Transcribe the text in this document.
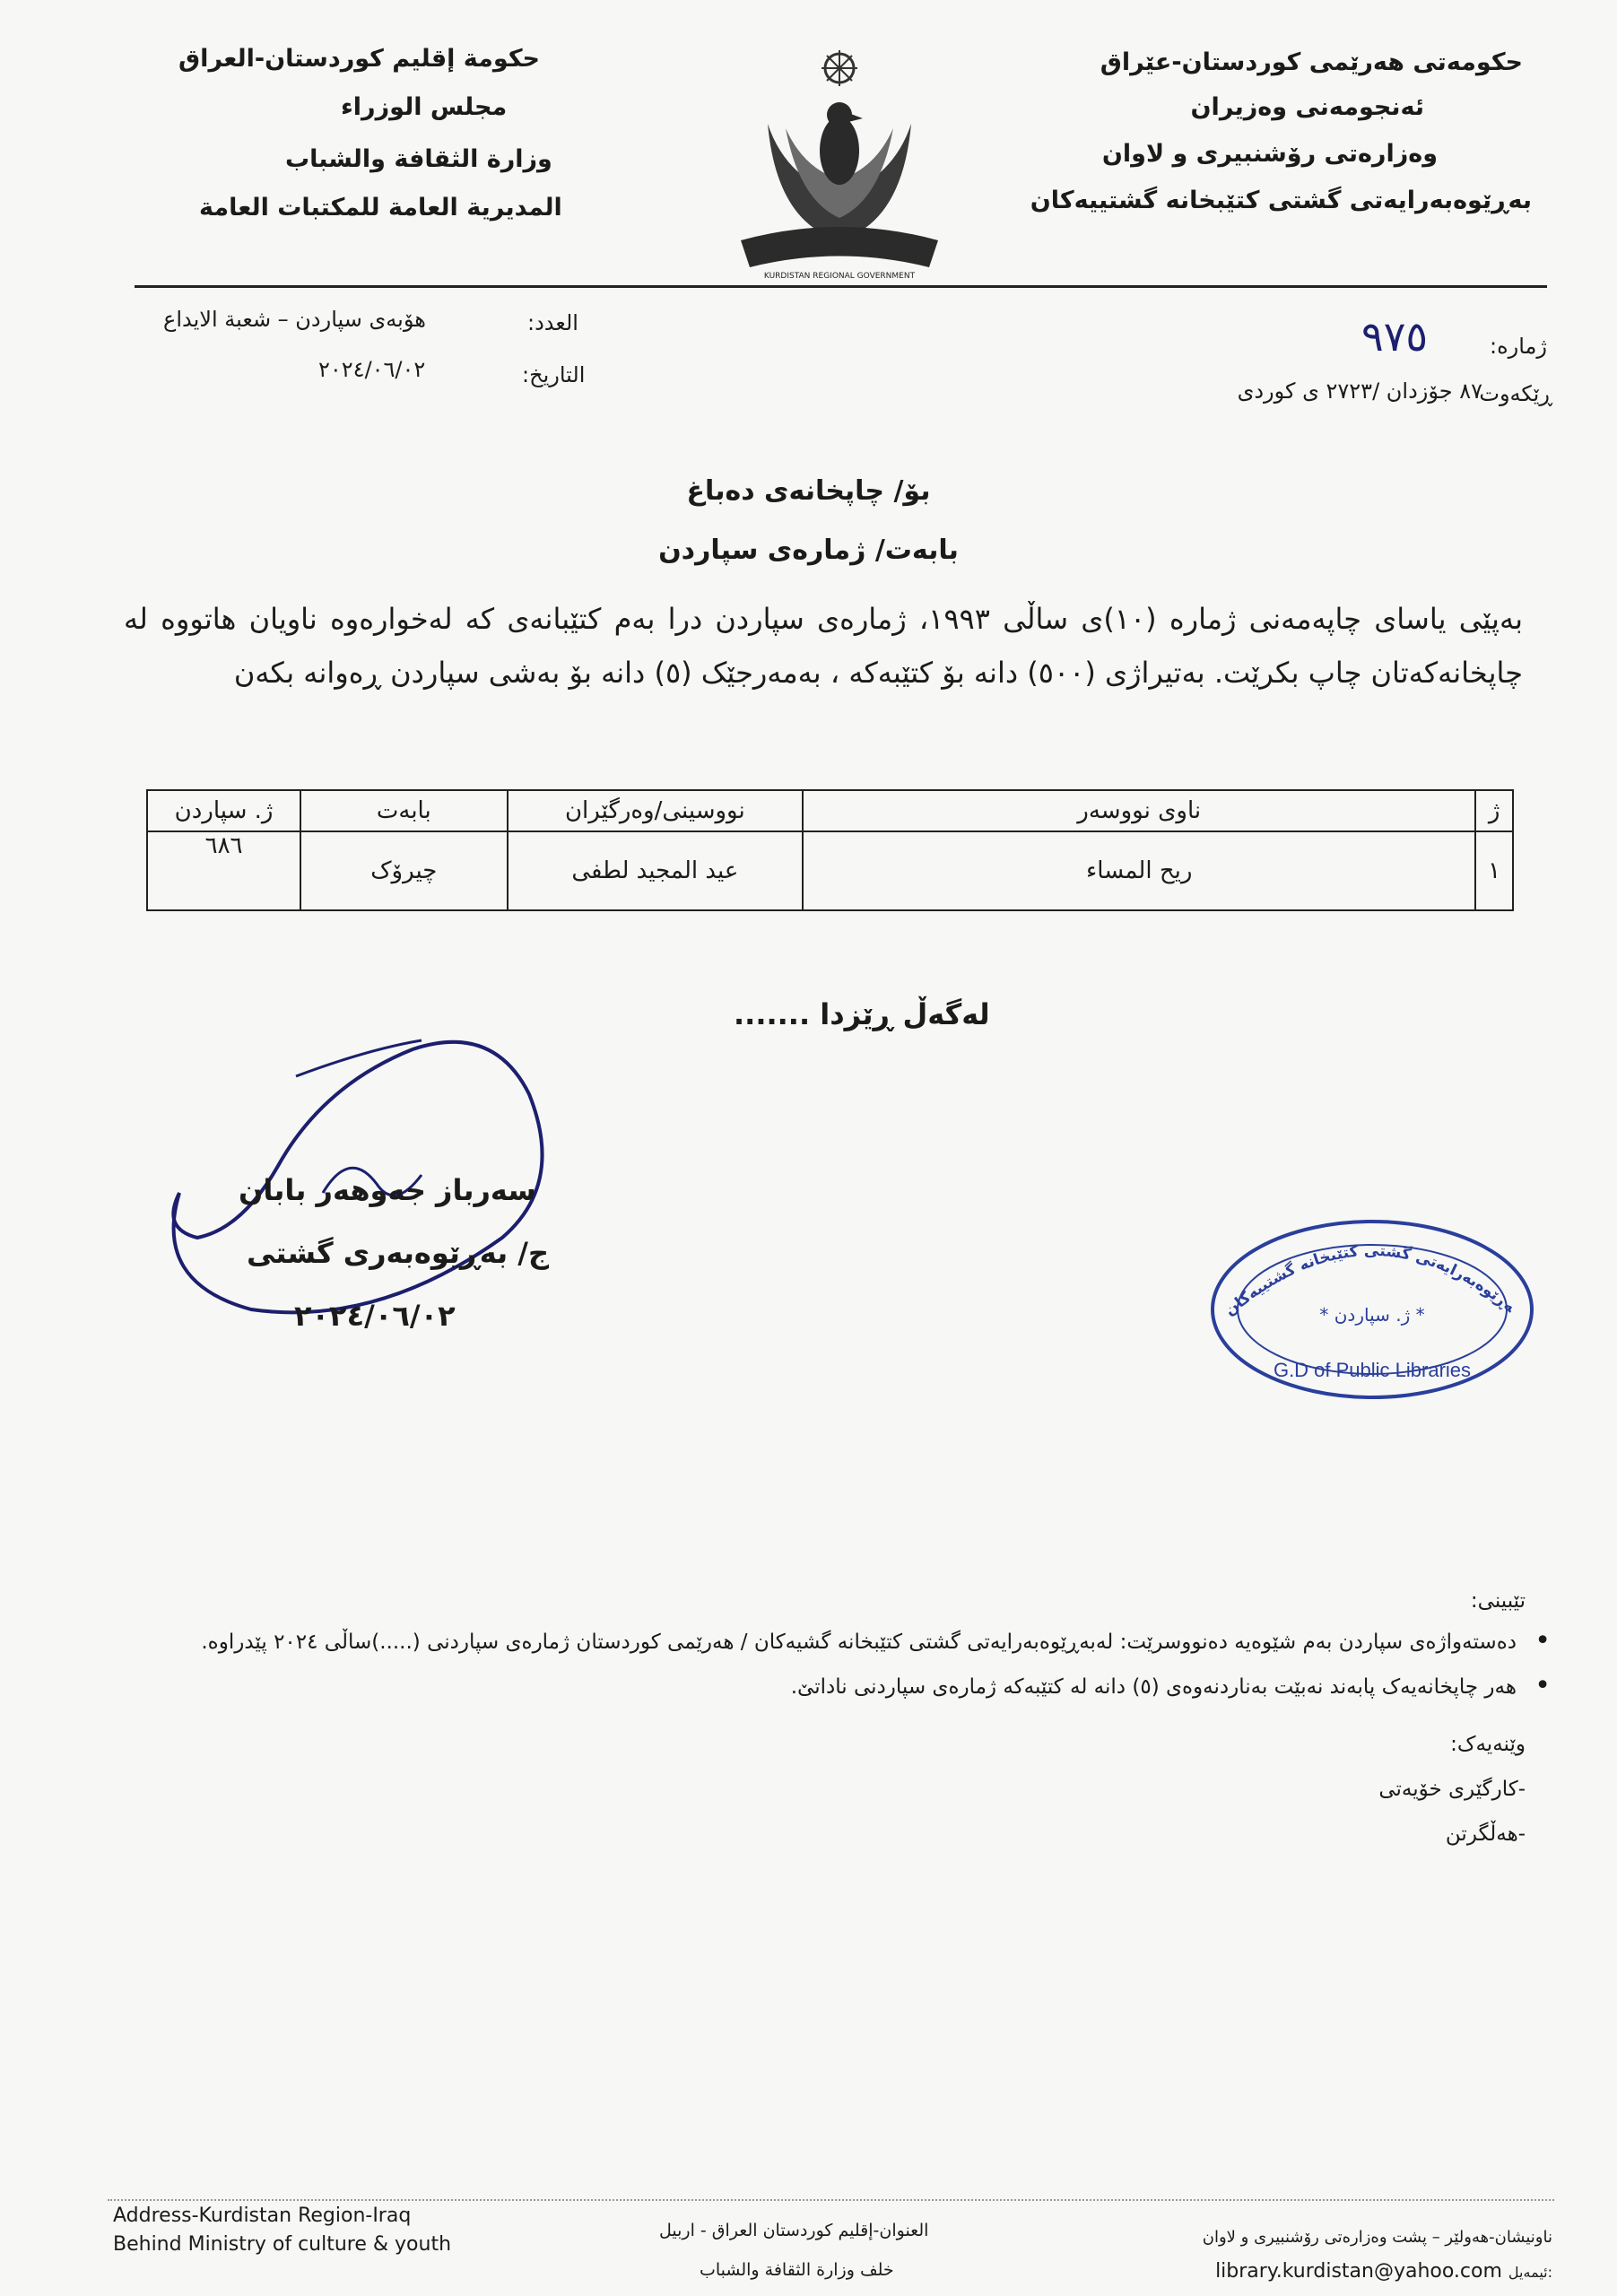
حکومەتی هەرێمی کوردستان-عێراق
ئەنجومەنی وەزیران
وەزارەتی رۆشنبیری و لاوان
بەڕێوەبەرایەتی گشتی کتێبخانە گشتییەکان
حكومة إقليم كوردستان-العراق
مجلس الوزراء
وزارة الثقافة والشباب
المديرية العامة للمكتبات العامة
KURDISTAN REGIONAL GOVERNMENT
ژمارە:
٩٧٥
ڕێکەوت
٨٧ جۆزدان /٢٧٢٣ ی کوردی
العدد:
هۆبەی سپاردن – شعبة الايداع
التاريخ:
٢٠٢٤/٠٦/٠٢
بۆ/ چاپخانەی دەباغ
بابەت/ ژمارەی سپاردن
بەپێی یاسای چاپەمەنی ژمارە (١٠)ی ساڵی ١٩٩٣، ژمارەی سپاردن درا بەم کتێبانەی کە لەخوارەوە ناویان هاتووە لە چاپخانەکەتان چاپ بکرێت. بەتیراژی (٥٠٠) دانە بۆ کتێبەکە ، بەمەرجێک (٥) دانە بۆ بەشی سپاردن ڕەوانە بکەن
ژ	ناوی نووسەر	نووسینی/وەرگێران	بابەت	ژ. سپاردن
١	ريح المساء	عيد المجيد لطفی	چیرۆک	٦٨٦
لەگەڵ ڕێزدا .......
سەرباز جەوهەر بابان
ج/ بەڕێوەبەری گشتی
٢٠٢٤/٠٦/٠٢	ەڕێوەبەرایەتی گشتی کتێبخانە گشتییەکان
* ژ. سپاردن *
G.D of Public Libraries
تێبینی:
•
دەستەواژەی سپاردن بەم شێوەیە دەنووسرێت: لەبەڕێوەبەرایەتی گشتی کتێبخانە گشیەکان / هەرێمی کوردستان ژمارەی سپاردنی (.....)ساڵی ٢٠٢٤ پێدراوە.
•
هەر چاپخانەیەک پابەند نەبێت بەناردنەوەی (٥) دانە لە کتێبەکە ژمارەی سپاردنی ناداتێ.
وێنەیەک:
-کارگێری خۆیەتی
-هەڵگرتن
Address-Kurdistan Region-Iraq
Behind Ministry of culture & youth
العنوان-إقليم كوردستان العراق - اربيل
خلف وزارة الثقافة والشباب
ناونیشان-هەولێر – پشت وەزارەتی رۆشنبیری و لاوان
library.kurdistan@yahoo.com ئیمەیل:
